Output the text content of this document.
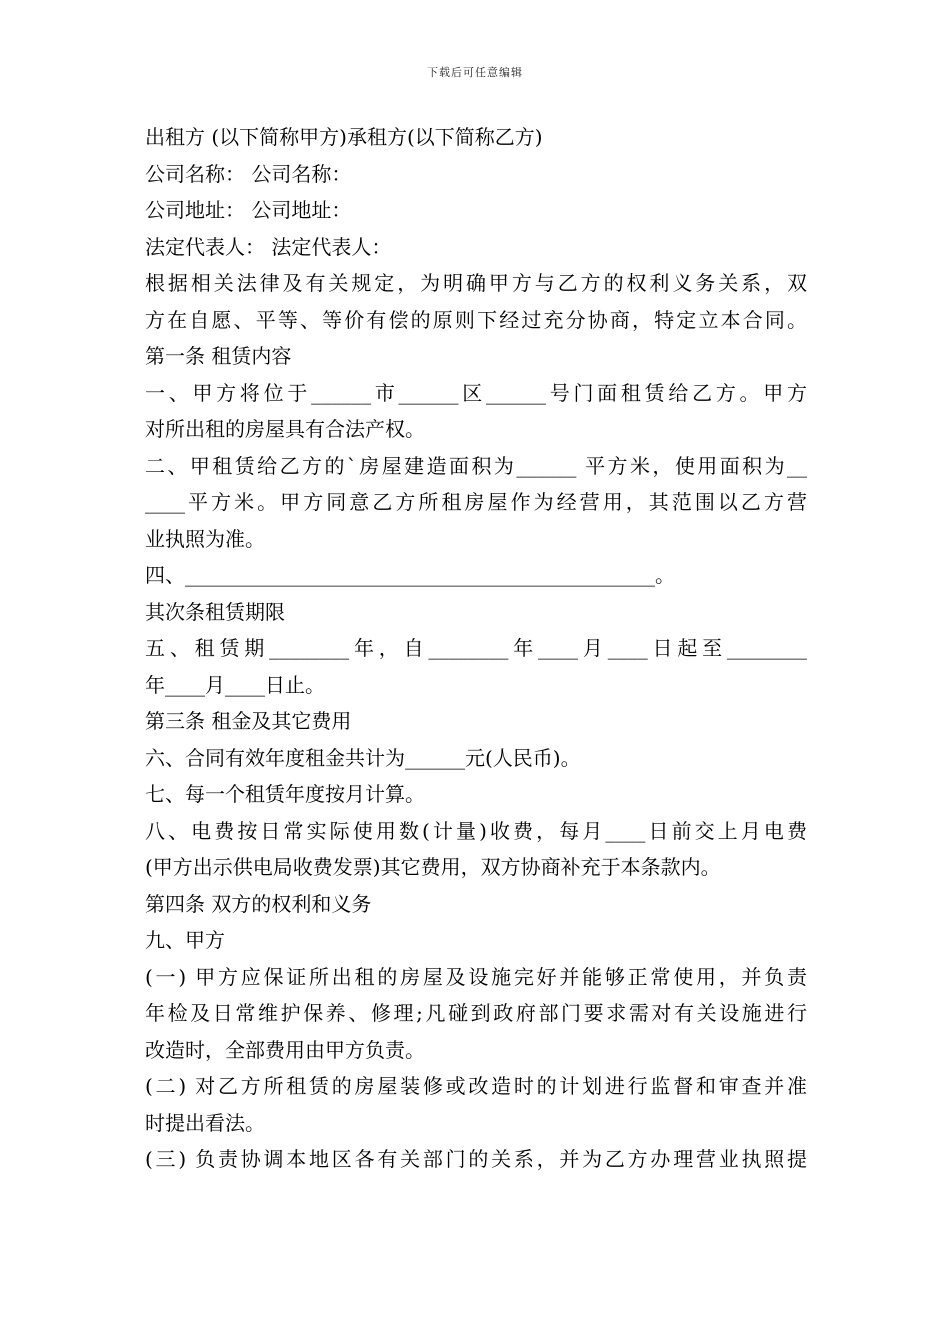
下载后可任意编辑
出租方 (以下简称甲方)承租方(以下简称乙方)
公司名称： 公司名称：
公司地址： 公司地址：
法定代表人： 法定代表人：
根据相关法律及有关规定，为明确甲方与乙方的权利义务关系，双
方在自愿、平等、等价有偿的原则下经过充分协商，特定立本合同。
第一条 租赁内容
一、甲方将位于______市______区______号门面租赁给乙方。甲方
对所出租的房屋具有合法产权。
二、甲租赁给乙方的`房屋建造面积为______ 平方米，使用面积为__
____平方米。甲方同意乙方所租房屋作为经营用，其范围以乙方营
业执照为准。
四、_______________________________________________。
其次条租赁期限
五、租赁期________年，自________年____月____日起至________
年____月____日止。
第三条 租金及其它费用
六、合同有效年度租金共计为______元(人民币)。
七、每一个租赁年度按月计算。
八、电费按日常实际使用数(计量)收费，每月____日前交上月电费
(甲方出示供电局收费发票)其它费用，双方协商补充于本条款内。
第四条 双方的权利和义务
九、甲方
(一) 甲方应保证所出租的房屋及设施完好并能够正常使用，并负责
年检及日常维护保养、修理;凡碰到政府部门要求需对有关设施进行
改造时，全部费用由甲方负责。
(二) 对乙方所租赁的房屋装修或改造时的计划进行监督和审查并准
时提出看法。
(三) 负责协调本地区各有关部门的关系，并为乙方办理营业执照提
